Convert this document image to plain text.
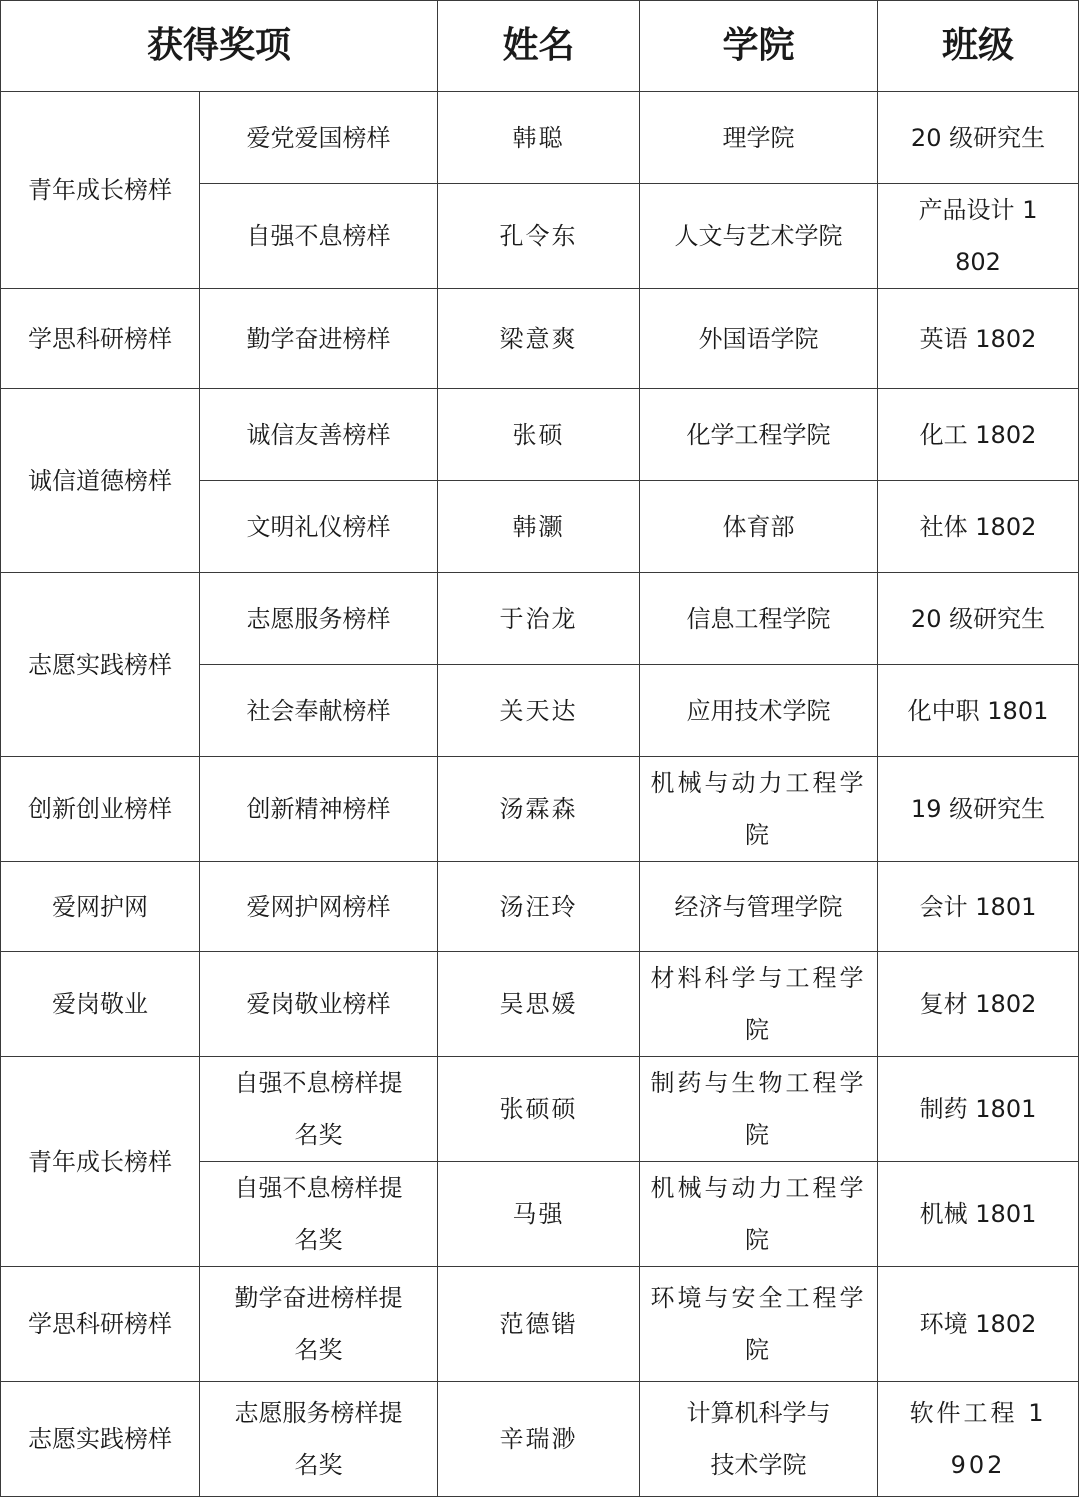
获得奖项		姓名	学院	班级
青年成长榜样	爱党爱国榜样	韩聪	理学院	20 级研究生
	自强不息榜样	孔令东	人文与艺术学院	产品设计 1802
学思科研榜样	勤学奋进榜样	梁意爽	外国语学院	英语 1802
诚信道德榜样	诚信友善榜样	张硕	化学工程学院	化工 1802
	文明礼仪榜样	韩灏	体育部	社体 1802
志愿实践榜样	志愿服务榜样	于治龙	信息工程学院	20 级研究生
	社会奉献榜样	关天达	应用技术学院	化中职 1801
创新创业榜样	创新精神榜样	汤霖森	机械与动力工程学院	19 级研究生
爱网护网	爱网护网榜样	汤汪玲	经济与管理学院	会计 1801
爱岗敬业	爱岗敬业榜样	吴思媛	材料科学与工程学院	复材 1802
青年成长榜样	自强不息榜样提名奖	张硕硕	制药与生物工程学院	制药 1801
	自强不息榜样提名奖	马强	机械与动力工程学院	机械 1801
学思科研榜样	勤学奋进榜样提名奖	范德锴	环境与安全工程学院	环境 1802
志愿实践榜样	志愿服务榜样提名奖	辛瑞渺	计算机科学与技术学院	软件工程 1902
